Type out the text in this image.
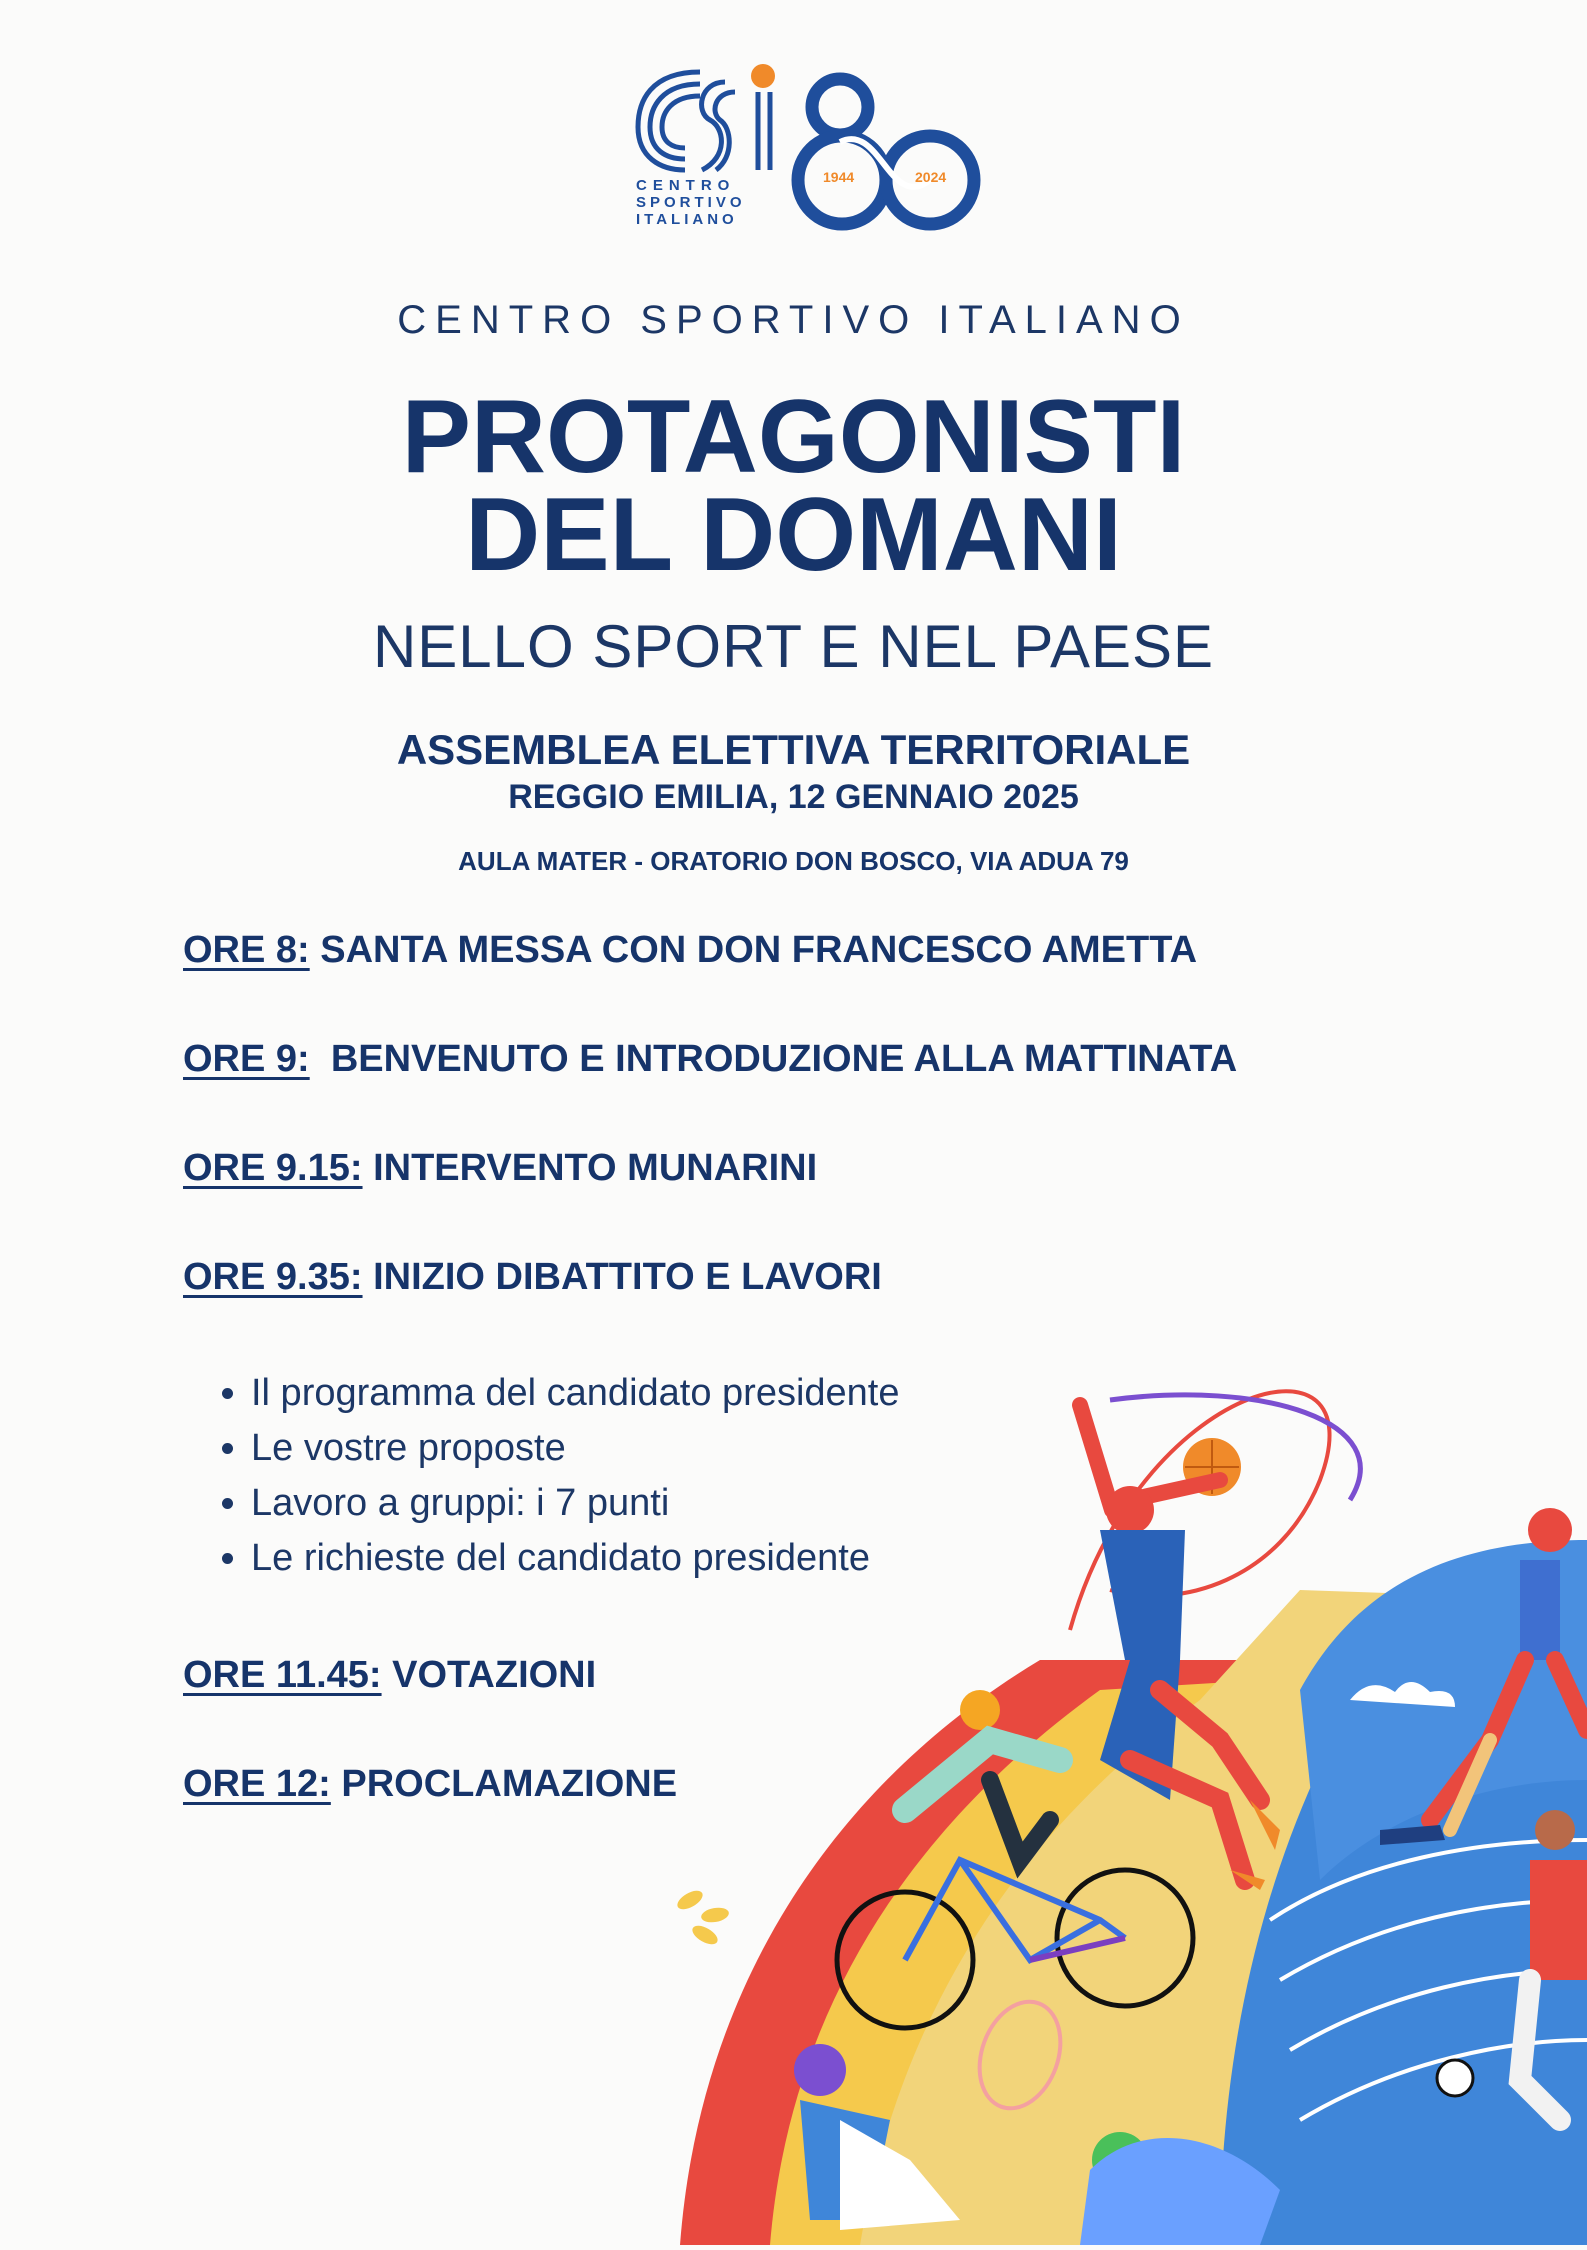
CENTRO
SPORTIVO
ITALIANO
1944	2024
CENTRO SPORTIVO ITALIANO
PROTAGONISTI
DEL DOMANI
NELLO SPORT E NEL PAESE
ASSEMBLEA ELETTIVA TERRITORIALE
REGGIO EMILIA, 12 GENNAIO 2025
AULA MATER - ORATORIO DON BOSCO, VIA ADUA 79
ORE 8: SANTA MESSA CON DON FRANCESCO AMETTA
ORE 9:  BENVENUTO E INTRODUZIONE ALLA MATTINATA
ORE 9.15: INTERVENTO MUNARINI
ORE 9.35: INIZIO DIBATTITO E LAVORI
• Il programma del candidato presidente
• Le vostre proposte
• Lavoro a gruppi: i 7 punti
• Le richieste del candidato presidente
ORE 11.45: VOTAZIONI
ORE 12: PROCLAMAZIONE
